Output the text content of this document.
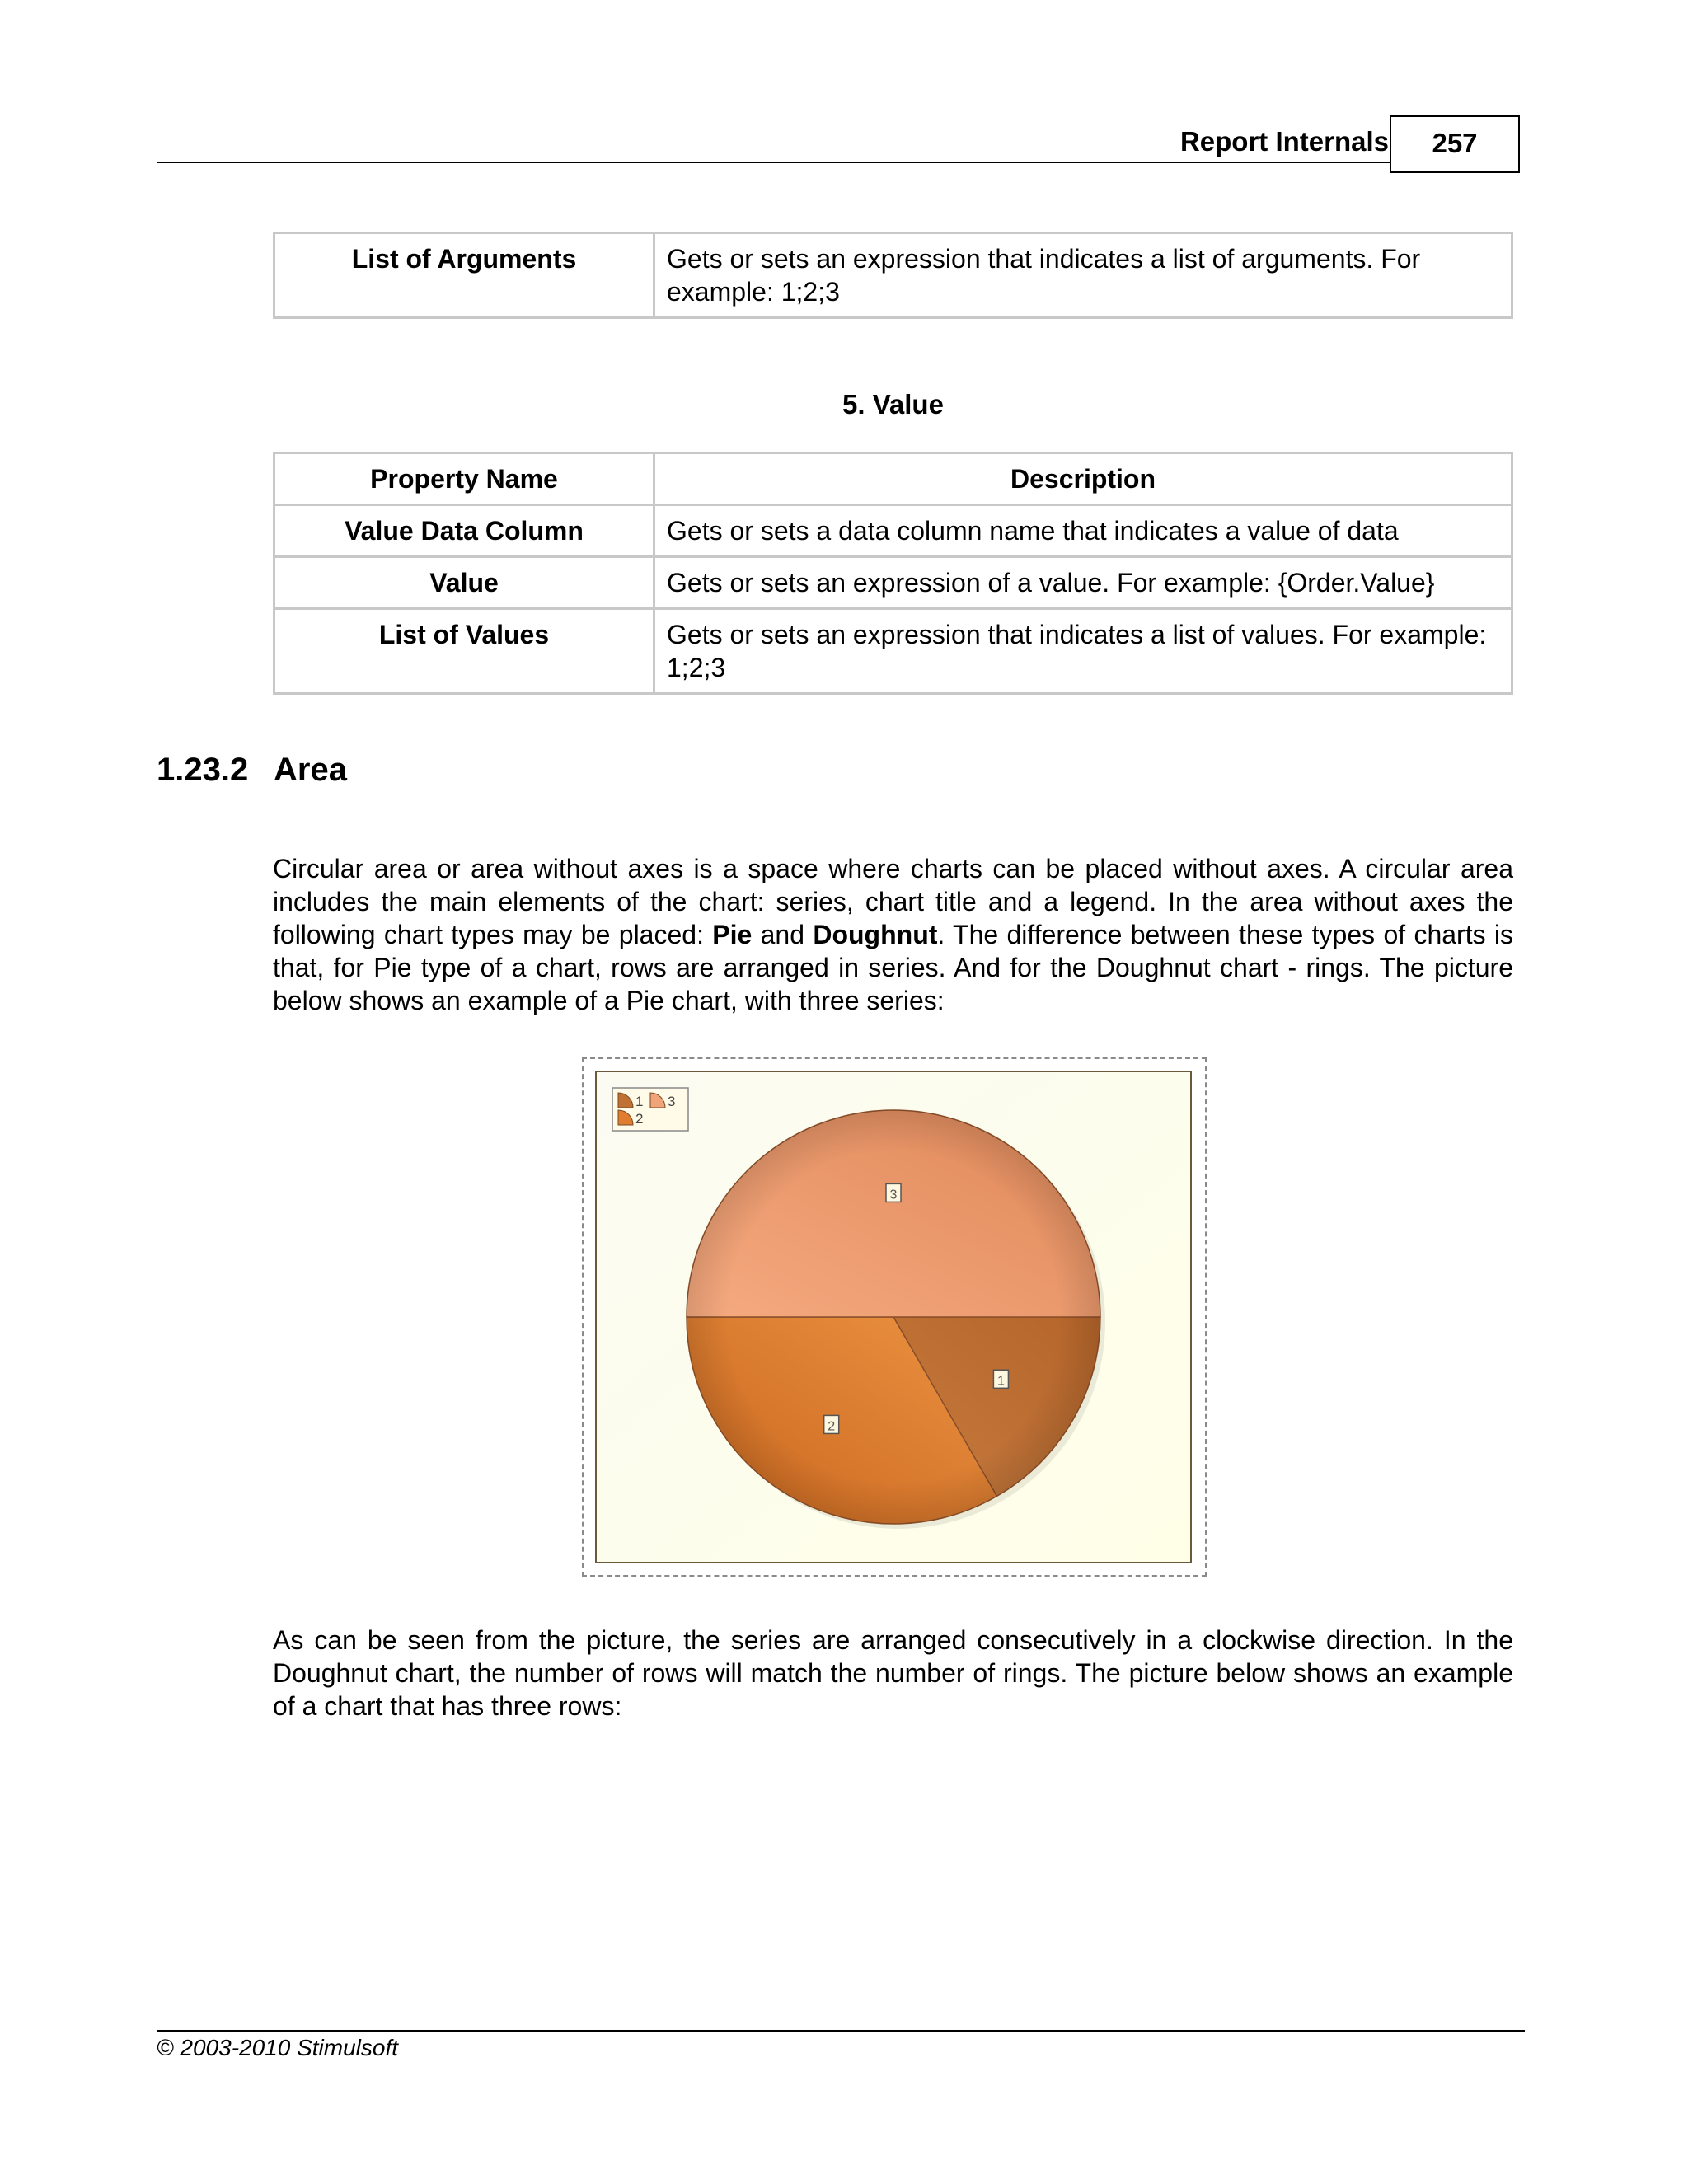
Report Internals	257
List of Arguments	Gets or sets an expression that indicates a list of arguments. For example: 1;2;3
5. Value
Property Name	Description
Value Data Column	Gets or sets a data column name that indicates a value of data
Value	Gets or sets an expression of a value. For example: {Order.Value}
List of Values	Gets or sets an expression that indicates a list of values. For example: 1;2;3
1.23.2 Area
Circular area or area without axes is a space where charts can be placed without axes. A circular area includes the main elements of the chart: series, chart title and a legend. In the area without axes the following chart types may be placed: Pie and Doughnut. The difference between these types of charts is that, for Pie type of a chart, rows are arranged in series. And for the Doughnut chart - rings. The picture below shows an example of a Pie chart, with three series:
1 3
2
1
2
3
As can be seen from the picture, the series are arranged consecutively in a clockwise direction. In the Doughnut chart, the number of rows will match the number of rings. The picture below shows an example of a chart that has three rows:
© 2003-2010 Stimulsoft
